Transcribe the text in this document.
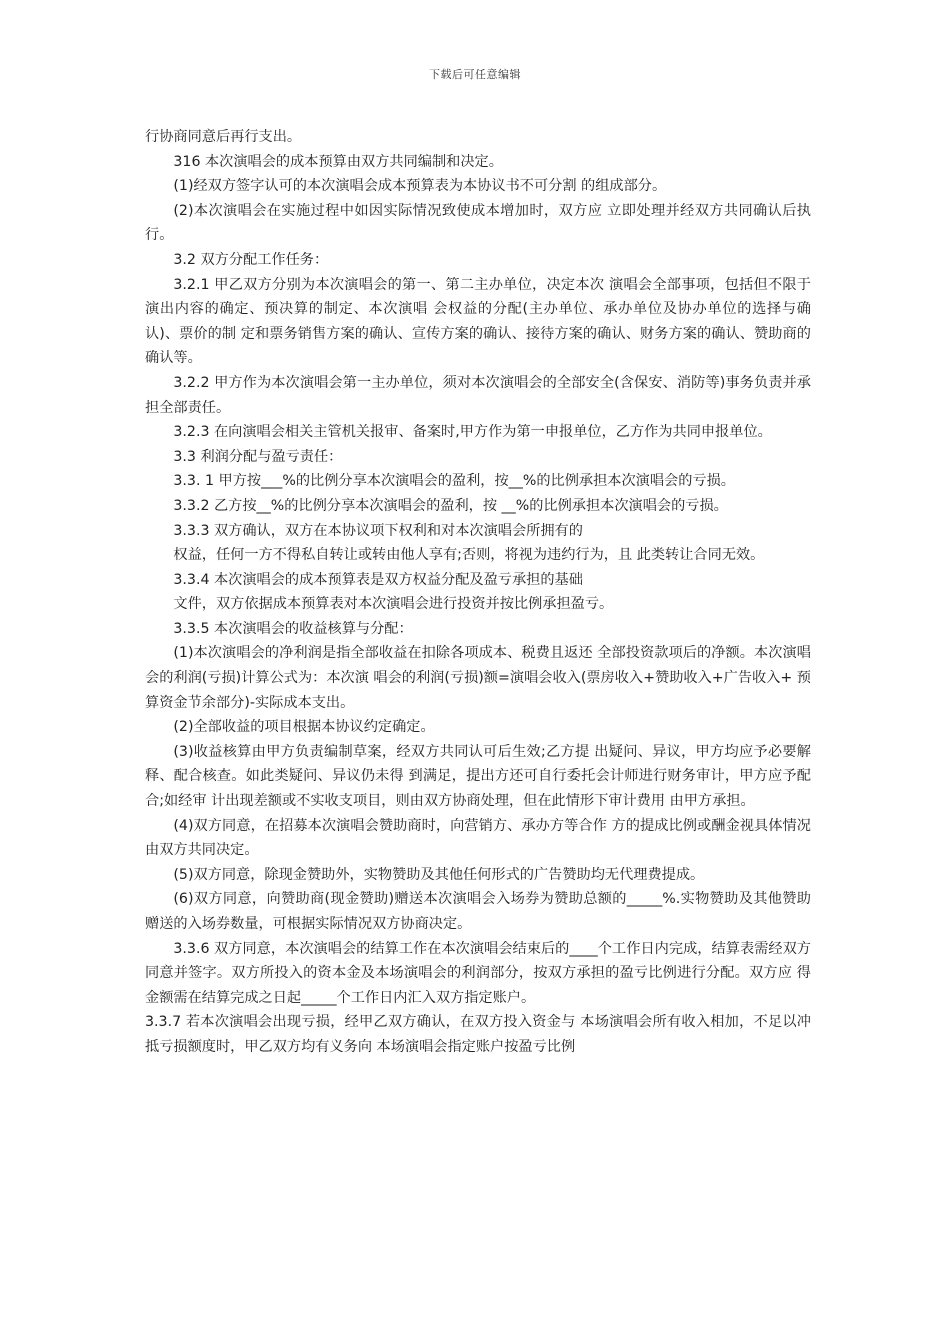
下载后可任意编辑

行协商同意后再行支出。

316 本次演唱会的成本预算由双方共同编制和决定。

(1)经双方签字认可的本次演唱会成本预算表为本协议书不可分割 的组成部分。

(2)本次演唱会在实施过程中如因实际情况致使成本增加时，双方应 立即处理并经双方共同确认后执行。

3.2 双方分配工作任务：

3.2.1 甲乙双方分别为本次演唱会的第一、第二主办单位，决定本次 演唱会全部事项，包括但不限于演出内容的确定、预决算的制定、本次演唱 会权益的分配(主办单位、承办单位及协办单位的选择与确认)、票价的制 定和票务销售方案的确认、宣传方案的确认、接待方案的确认、财务方案的确认、赞助商的确认等。

3.2.2 甲方作为本次演唱会第一主办单位，须对本次演唱会的全部安全(含保安、消防等)事务负责并承担全部责任。

3.2.3 在向演唱会相关主管机关报审、备案时,甲方作为第一申报单位，乙方作为共同申报单位。

3.3 利润分配与盈亏责任：

3.3. 1 甲方按___%的比例分享本次演唱会的盈利，按__%的比例承担本次演唱会的亏损。

3.3.2 乙方按__%的比例分享本次演唱会的盈利，按 __%的比例承担本次演唱会的亏损。

3.3.3 双方确认，双方在本协议项下权利和对本次演唱会所拥有的

权益，任何一方不得私自转让或转由他人享有;否则，将视为违约行为，且 此类转让合同无效。

3.3.4 本次演唱会的成本预算表是双方权益分配及盈亏承担的基础

文件，双方依据成本预算表对本次演唱会进行投资并按比例承担盈亏。

3.3.5 本次演唱会的收益核算与分配：

(1)本次演唱会的净利润是指全部收益在扣除各项成本、税费且返还 全部投资款项后的净额。本次演唱会的利润(亏损)计算公式为：本次演 唱会的利润(亏损)额=演唱会收入(票房收入+赞助收入+广告收入+ 预算资金节余部分)-实际成本支出。

(2)全部收益的项目根据本协议约定确定。

(3)收益核算由甲方负责编制草案，经双方共同认可后生效;乙方提 出疑问、异议，甲方均应予必要解释、配合核查。如此类疑问、异议仍未得 到满足，提出方还可自行委托会计师进行财务审计，甲方应予配合;如经审 计出现差额或不实收支项目，则由双方协商处理，但在此情形下审计费用 由甲方承担。

(4)双方同意，在招募本次演唱会赞助商时，向营销方、承办方等合作 方的提成比例或酬金视具体情况由双方共同决定。

(5)双方同意，除现金赞助外，实物赞助及其他任何形式的广告赞助均无代理费提成。

(6)双方同意，向赞助商(现金赞助)赠送本次演唱会入场券为赞助总额的_____%.实物赞助及其他赞助赠送的入场券数量，可根据实际情况双方协商决定。

3.3.6 双方同意，本次演唱会的结算工作在本次演唱会结束后的____个工作日内完成，结算表需经双方同意并签字。双方所投入的资本金及本场演唱会的利润部分，按双方承担的盈亏比例进行分配。双方应 得金额需在结算完成之日起_____个工作日内汇入双方指定账户。

3.3.7 若本次演唱会出现亏损，经甲乙双方确认，在双方投入资金与 本场演唱会所有收入相加，不足以冲抵亏损额度时，甲乙双方均有义务向 本场演唱会指定账户按盈亏比例
